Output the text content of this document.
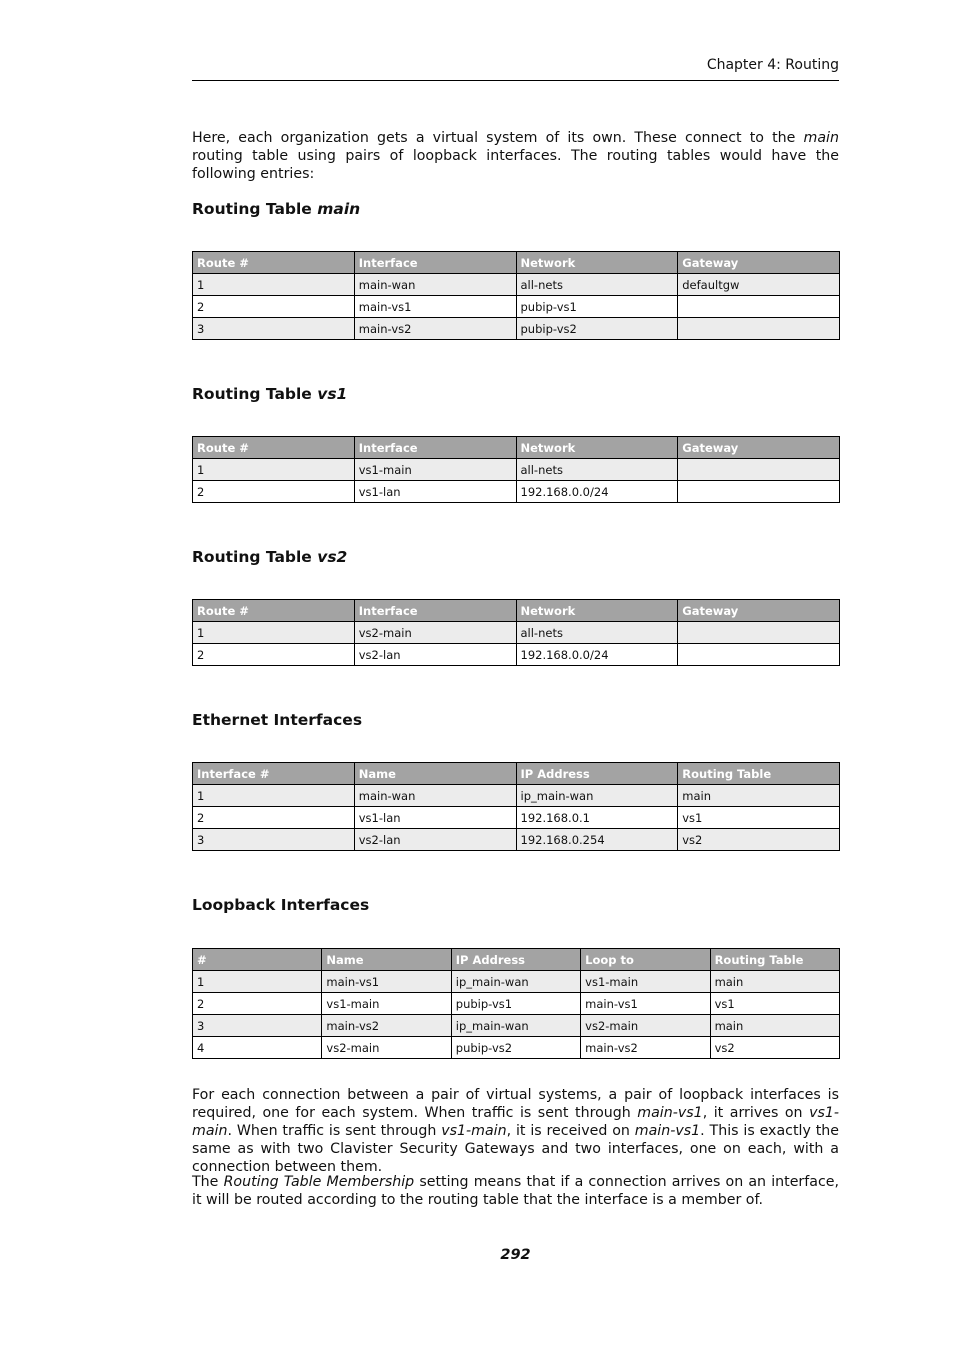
Chapter 4: Routing

Here, each organization gets a virtual system of its own. These connect to the main routing table using pairs of loopback interfaces. The routing tables would have the following entries:

Routing Table main
Route #	Interface	Network	Gateway
1	main-wan	all-nets	defaultgw
2	main-vs1	pubip-vs1	
3	main-vs2	pubip-vs2	
Routing Table vs1
Route #	Interface	Network	Gateway
1	vs1-main	all-nets	
2	vs1-lan	192.168.0.0/24	
Routing Table vs2
Route #	Interface	Network	Gateway
1	vs2-main	all-nets	
2	vs2-lan	192.168.0.0/24	
Ethernet Interfaces
Interface #	Name	IP Address	Routing Table
1	main-wan	ip_main-wan	main
2	vs1-lan	192.168.0.1	vs1
3	vs2-lan	192.168.0.254	vs2
Loopback Interfaces
#	Name	IP Address	Loop to	Routing Table
1	main-vs1	ip_main-wan	vs1-main	main
2	vs1-main	pubip-vs1	main-vs1	vs1
3	main-vs2	ip_main-wan	vs2-main	main
4	vs2-main	pubip-vs2	main-vs2	vs2

For each connection between a pair of virtual systems, a pair of loopback interfaces is required, one for each system. When traffic is sent through main-vs1, it arrives on vs1-main. When traffic is sent through vs1-main, it is received on main-vs1. This is exactly the same as with two Clavister Security Gateways and two interfaces, one on each, with a connection between them.

The Routing Table Membership setting means that if a connection arrives on an interface, it will be routed according to the routing table that the interface is a member of.

292
